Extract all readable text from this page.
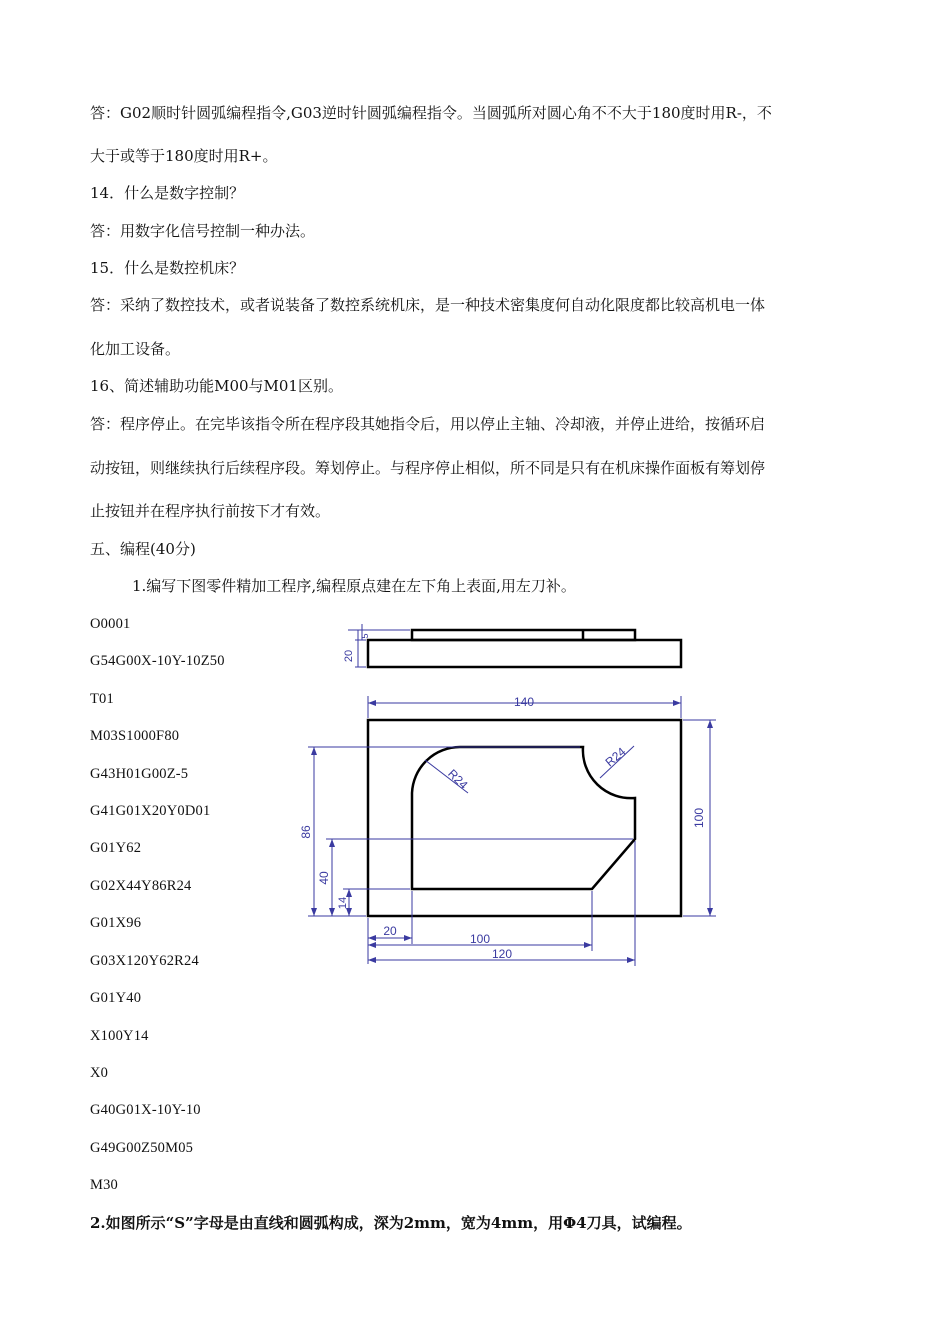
答：G02顺时针圆弧编程指令,G03逆时针圆弧编程指令。当圆弧所对圆心角不不大于180度时用R-，不
大于或等于180度时用R+。
14．什么是数字控制？
答：用数字化信号控制一种办法。
15．什么是数控机床？
答：采纳了数控技术，或者说装备了数控系统机床，是一种技术密集度何自动化限度都比较高机电一体
化加工设备。
16、简述辅助功能M00与M01区别。
答：程序停止。在完毕该指令所在程序段其她指令后，用以停止主轴、冷却液，并停止进给，按循环启
动按钮，则继续执行后续程序段。筹划停止。与程序停止相似，所不同是只有在机床操作面板有筹划停
止按钮并在程序执行前按下才有效。
五、编程(40分)
1.编写下图零件精加工程序,编程原点建在左下角上表面,用左刀补。
O0001
G54G00X-10Y-10Z50
T01
M03S1000F80
G43H01G00Z-5
G41G01X20Y0D01
G01Y62
G02X44Y86R24
G01X96
G03X120Y62R24
G01Y40
X100Y14
X0
G40G01X-10Y-10
G49G00Z50M05
M30
2.如图所示“S”字母是由直线和圆弧构成，深为2mm，宽为4mm，用Φ4刀具，试编程。
20
5
140
100
86
40
14
20
100
120
R24
R24
